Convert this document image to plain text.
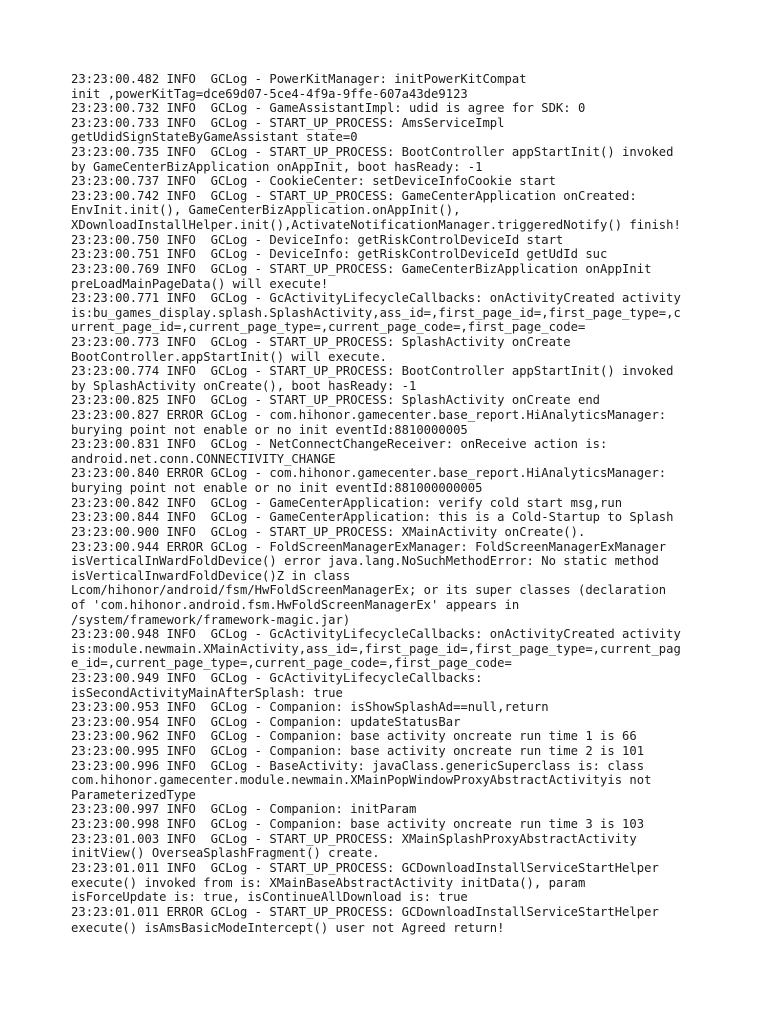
23:23:00.482 INFO  GCLog - PowerKitManager: initPowerKitCompat
init ,powerKitTag=dce69d07-5ce4-4f9a-9ffe-607a43de9123
23:23:00.732 INFO  GCLog - GameAssistantImpl: udid is agree for SDK: 0
23:23:00.733 INFO  GCLog - START_UP_PROCESS: AmsServiceImpl
getUdidSignStateByGameAssistant state=0
23:23:00.735 INFO  GCLog - START_UP_PROCESS: BootController appStartInit() invoked
by GameCenterBizApplication onAppInit, boot hasReady: -1
23:23:00.737 INFO  GCLog - CookieCenter: setDeviceInfoCookie start
23:23:00.742 INFO  GCLog - START_UP_PROCESS: GameCenterApplication onCreated:
EnvInit.init(), GameCenterBizApplication.onAppInit(),
XDownloadInstallHelper.init(),ActivateNotificationManager.triggeredNotify() finish!
23:23:00.750 INFO  GCLog - DeviceInfo: getRiskControlDeviceId start
23:23:00.751 INFO  GCLog - DeviceInfo: getRiskControlDeviceId getUdId suc
23:23:00.769 INFO  GCLog - START_UP_PROCESS: GameCenterBizApplication onAppInit
preLoadMainPageData() will execute!
23:23:00.771 INFO  GCLog - GcActivityLifecycleCallbacks: onActivityCreated activity
is:bu_games_display.splash.SplashActivity,ass_id=,first_page_id=,first_page_type=,c
urrent_page_id=,current_page_type=,current_page_code=,first_page_code=
23:23:00.773 INFO  GCLog - START_UP_PROCESS: SplashActivity onCreate
BootController.appStartInit() will execute.
23:23:00.774 INFO  GCLog - START_UP_PROCESS: BootController appStartInit() invoked
by SplashActivity onCreate(), boot hasReady: -1
23:23:00.825 INFO  GCLog - START_UP_PROCESS: SplashActivity onCreate end
23:23:00.827 ERROR GCLog - com.hihonor.gamecenter.base_report.HiAnalyticsManager:
burying point not enable or no init eventId:8810000005
23:23:00.831 INFO  GCLog - NetConnectChangeReceiver: onReceive action is:
android.net.conn.CONNECTIVITY_CHANGE
23:23:00.840 ERROR GCLog - com.hihonor.gamecenter.base_report.HiAnalyticsManager:
burying point not enable or no init eventId:881000000005
23:23:00.842 INFO  GCLog - GameCenterApplication: verify cold start msg,run
23:23:00.844 INFO  GCLog - GameCenterApplication: this is a Cold-Startup to Splash
23:23:00.900 INFO  GCLog - START_UP_PROCESS: XMainActivity onCreate().
23:23:00.944 ERROR GCLog - FoldScreenManagerExManager: FoldScreenManagerExManager
isVerticalInWardFoldDevice() error java.lang.NoSuchMethodError: No static method
isVerticalInwardFoldDevice()Z in class
Lcom/hihonor/android/fsm/HwFoldScreenManagerEx; or its super classes (declaration
of 'com.hihonor.android.fsm.HwFoldScreenManagerEx' appears in
/system/framework/framework-magic.jar)
23:23:00.948 INFO  GCLog - GcActivityLifecycleCallbacks: onActivityCreated activity
is:module.newmain.XMainActivity,ass_id=,first_page_id=,first_page_type=,current_pag
e_id=,current_page_type=,current_page_code=,first_page_code=
23:23:00.949 INFO  GCLog - GcActivityLifecycleCallbacks:
isSecondActivityMainAfterSplash: true
23:23:00.953 INFO  GCLog - Companion: isShowSplashAd==null,return
23:23:00.954 INFO  GCLog - Companion: updateStatusBar
23:23:00.962 INFO  GCLog - Companion: base activity oncreate run time 1 is 66
23:23:00.995 INFO  GCLog - Companion: base activity oncreate run time 2 is 101
23:23:00.996 INFO  GCLog - BaseActivity: javaClass.genericSuperclass is: class
com.hihonor.gamecenter.module.newmain.XMainPopWindowProxyAbstractActivityis not
ParameterizedType
23:23:00.997 INFO  GCLog - Companion: initParam
23:23:00.998 INFO  GCLog - Companion: base activity oncreate run time 3 is 103
23:23:01.003 INFO  GCLog - START_UP_PROCESS: XMainSplashProxyAbstractActivity
initView() OverseaSplashFragment() create.
23:23:01.011 INFO  GCLog - START_UP_PROCESS: GCDownloadInstallServiceStartHelper
execute() invoked from is: XMainBaseAbstractActivity initData(), param
isForceUpdate is: true, isContinueAllDownload is: true
23:23:01.011 ERROR GCLog - START_UP_PROCESS: GCDownloadInstallServiceStartHelper
execute() isAmsBasicModeIntercept() user not Agreed return!
